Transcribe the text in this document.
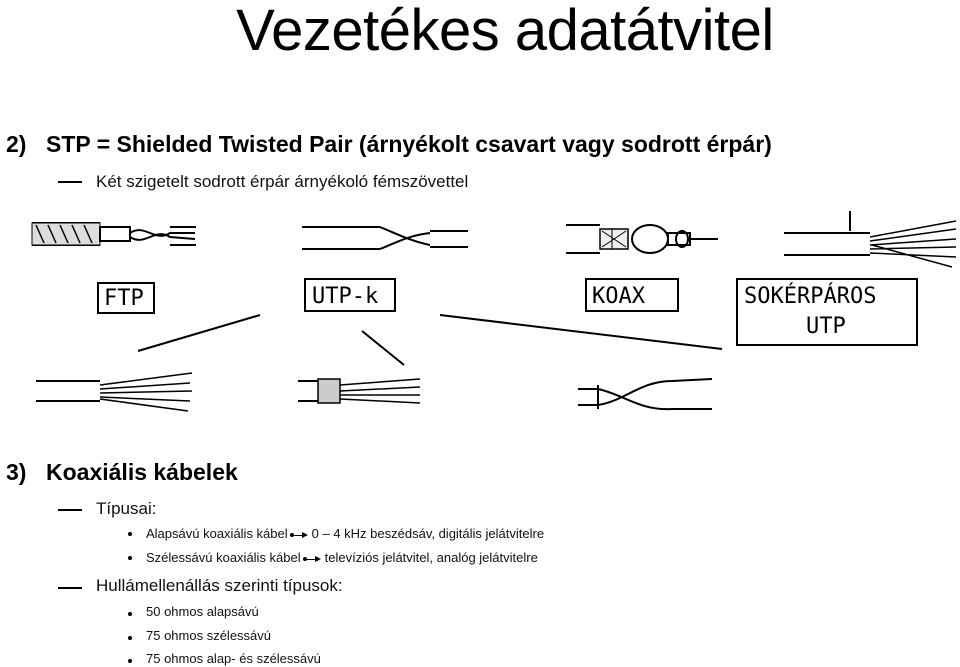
Vezetékes adatátvitel
2) STP = Shielded Twisted Pair (árnyékolt csavart vagy sodrott érpár)
Két szigetelt sodrott érpár árnyékoló fémszövettel
FTP	UTP-k	KOAX	SOKÉRPÁROS
UTP
3) Koaxiális kábelek
Típusai:
Alapsávú koaxiális kábel 0 – 4 kHz beszédsáv, digitális jelátvitelre
Szélessávú koaxiális kábel televíziós jelátvitel, analóg jelátvitelre
Hullámellenállás szerinti típusok:
50 ohmos alapsávú
75 ohmos szélessávú
75 ohmos alap- és szélessávú
